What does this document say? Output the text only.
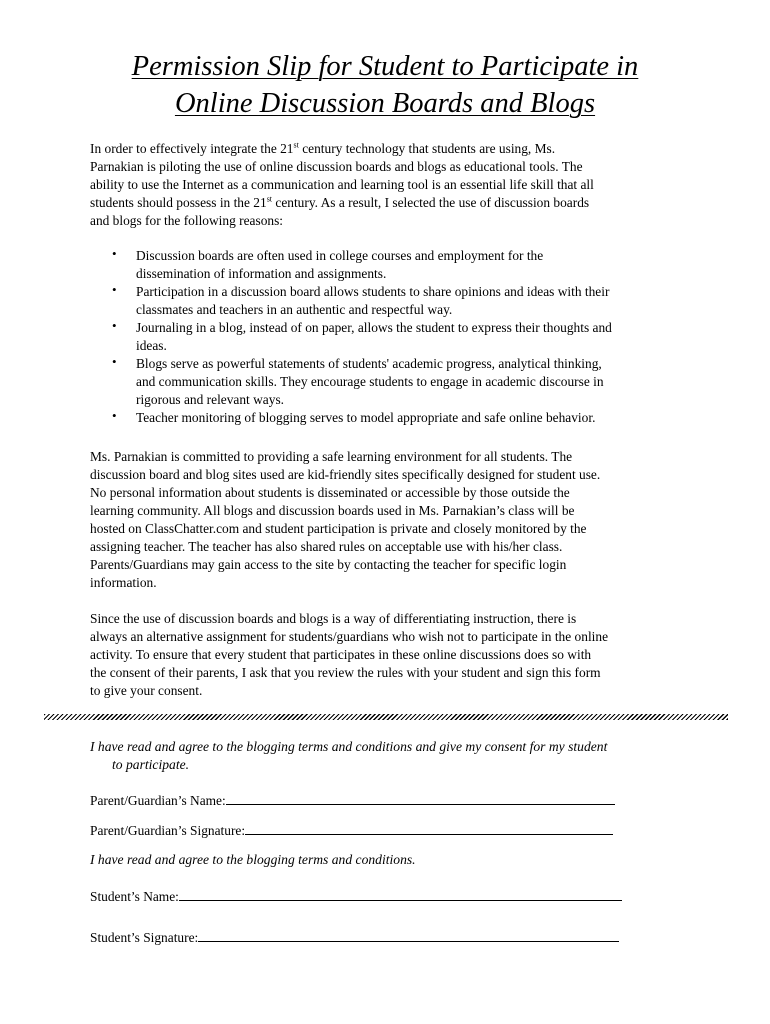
Permission Slip for Student to Participate in
Online Discussion Boards and Blogs

In order to effectively integrate the 21st century technology that students are using, Ms.

Parnakian is piloting the use of online discussion boards and blogs as educational tools. The

ability to use the Internet as a communication and learning tool is an essential life skill that all

students should possess in the 21st century. As a result, I selected the use of discussion boards

and blogs for the following reasons:

• Discussion boards are often used in college courses and employment for the
dissemination of information and assignments.
• Participation in a discussion board allows students to share opinions and ideas with their
classmates and teachers in an authentic and respectful way.
• Journaling in a blog, instead of on paper, allows the student to express their thoughts and
ideas.
• Blogs serve as powerful statements of students' academic progress, analytical thinking,
and communication skills. They encourage students to engage in academic discourse in
rigorous and relevant ways.
• Teacher monitoring of blogging serves to model appropriate and safe online behavior.

Ms. Parnakian is committed to providing a safe learning environment for all students. The

discussion board and blog sites used are kid-friendly sites specifically designed for student use.

No personal information about students is disseminated or accessible by those outside the

learning community. All blogs and discussion boards used in Ms. Parnakian’s class will be

hosted on ClassChatter.com and student participation is private and closely monitored by the

assigning teacher. The teacher has also shared rules on acceptable use with his/her class.

Parents/Guardians may gain access to the site by contacting the teacher for specific login

information.

Since the use of discussion boards and blogs is a way of differentiating instruction, there is

always an alternative assignment for students/guardians who wish not to participate in the online

activity. To ensure that every student that participates in these online discussions does so with

the consent of their parents, I ask that you review the rules with your student and sign this form

to give your consent.

I have read and agree to the blogging terms and conditions and give my consent for my student
to participate.
Parent/Guardian’s Name:
Parent/Guardian’s Signature:
I have read and agree to the blogging terms and conditions.
Student’s Name:
Student’s Signature:
